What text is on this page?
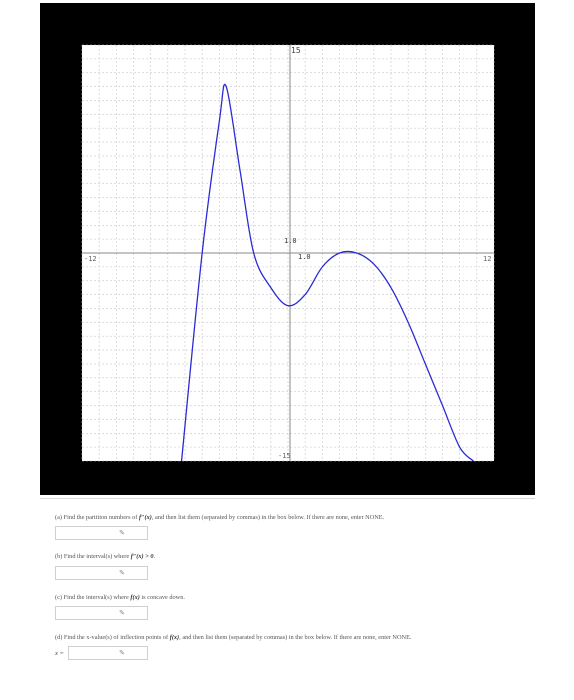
-12	12
15
-15
1.0
1.0
(a) Find the partition numbers of f″(x), and then list them (separated by commas) in the box below. If there are none, enter NONE.
✎
(b) Find the interval(s) where f″(x) > 0.
✎
(c) Find the interval(s) where f(x) is concave down.
✎
(d) Find the x-value(s) of inflection points of f(x), and then list them (separated by commas) in the box below. If there are none, enter NONE.
x =	✎
